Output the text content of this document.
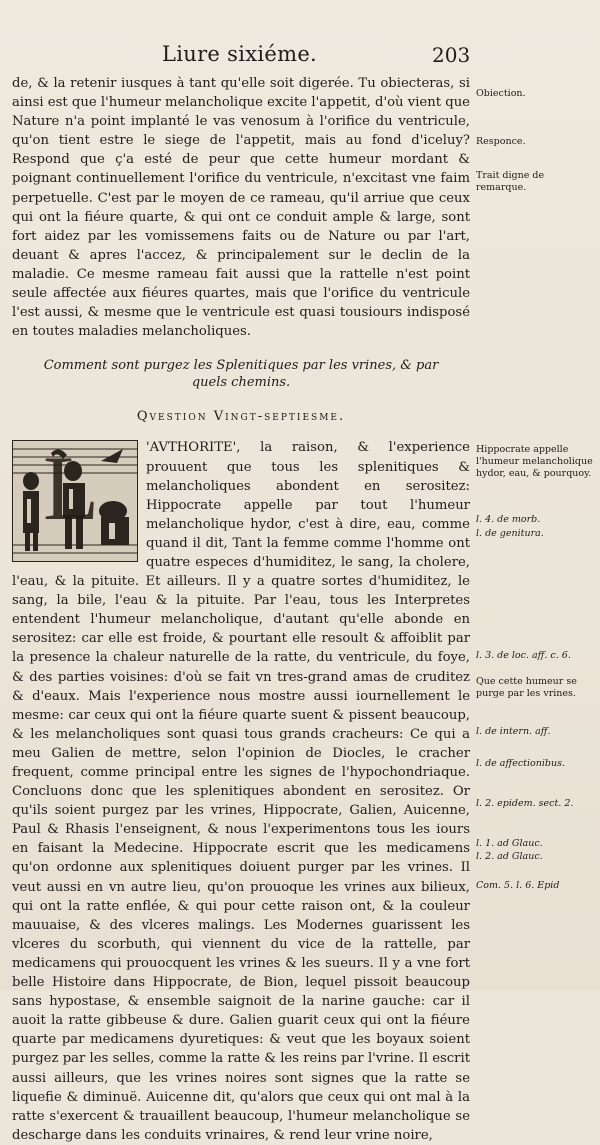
Liure sixiéme.	203

de, & la retenir iusques à tant qu'elle soit digerée. Tu obiecteras, si ainsi est que l'humeur melancholique excite l'appetit, d'où vient que Nature n'a point implanté le vas venosum à l'orifice du ventricule, qu'on tient estre le siege de l'appetit, mais au fond d'iceluy? Respond que ç'a esté de peur que cette humeur mordant & poignant continuellement l'orifice du ventricule, n'excitast vne faim perpetuelle. C'est par le moyen de ce rameau, qu'il arriue que ceux qui ont la fiéure quarte, & qui ont ce conduit ample & large, sont fort aidez par les vomissemens faits ou de Nature ou par l'art, deuant & apres l'accez, & principalement sur le declin de la maladie. Ce mesme rameau fait aussi que la rattelle n'est point seule affectée aux fiéures quartes, mais que l'orifice du ventricule l'est aussi, & mesme que le ventricule est quasi tousiours indisposé en toutes maladies melancholiques.

Comment sont purgez les Splenitiques par les vrines, & par quels chemins.
Qvestion Vingt-septiesme.
L	'AVTHORITE', la raison, & l'experience prouuent que tous les splenitiques & melancholiques abondent en serositez: Hippocrate appelle par tout l'humeur melancholique hydor, c'est à dire, eau, comme quand il dit, Tant la femme comme l'homme ont quatre especes d'humiditez, le sang, la cholere, l'eau, & la pituite. Et ailleurs. Il y a quatre sortes d'humiditez, le sang, la bile, l'eau & la pituite. Par l'eau, tous les Interpretes entendent l'humeur melancholique, d'autant qu'elle abonde en serositez: car elle est froide, & pourtant elle resoult & affoiblit par la presence la chaleur naturelle de la ratte, du ventricule, du foye, & des parties voisines: d'où se fait vn tres-grand amas de cruditez & d'eaux. Mais l'experience nous mostre aussi iournellement le mesme: car ceux qui ont la fiéure quarte suent & pissent beaucoup, & les melancholiques sont quasi tous grands cracheurs: Ce qui a meu Galien de mettre, selon l'opinion de Diocles, le cracher frequent, comme principal entre les signes de l'hypochondriaque. Concluons donc que les splenitiques abondent en serositez. Or qu'ils soient purgez par les vrines, Hippocrate, Galien, Auicenne, Paul & Rhasis l'enseignent, & nous l'experimentons tous les iours en faisant la Medecine. Hippocrate escrit que les medicamens qu'on ordonne aux splenitiques doiuent purger par les vrines. Il veut aussi en vn autre lieu, qu'on prouoque les vrines aux bilieux, qui ont la ratte enflée, & qui pour cette raison ont, & la couleur mauuaise, & des vlceres malings. Les Modernes guarissent les vlceres du scorbuth, qui viennent du vice de la rattelle, par medicamens qui prouocquent les vrines & les sueurs. Il y a vne fort belle Histoire dans Hippocrate, de Bion, lequel pissoit beaucoup sans hypostase, & ensemble saignoit de la narine gauche: car il auoit la ratte gibbeuse & dure. Galien guarit ceux qui ont la fiéure quarte par medicamens dyuretiques: & veut que les boyaux soient purgez par les selles, comme la ratte & les reins par l'vrine. Il escrit aussi ailleurs, que les vrines noires sont signes que la ratte se liquefie & diminuë. Auicenne dit, qu'alors que ceux qui ont mal à la ratte s'exercent & trauaillent beaucoup, l'humeur melancholique se descharge dans les conduits vrinaires, & rend leur vrine noire,

Obiection.
Responce.
Trait digne de remarque.
Hippocrate appelle l'humeur melancholique hydor, eau, & pourquoy.
l. 4. de morb.
l. de genitura.
l. 3. de loc. aff. c. 6.
Que cette humeur se purge par les vrines.
l. de intern. aff.
l. de affectionibus.
l. 2. epidem. sect. 2.
l. 1. ad Glauc.
l. 2. ad Glauc.
Com. 5. l. 6. Epid
